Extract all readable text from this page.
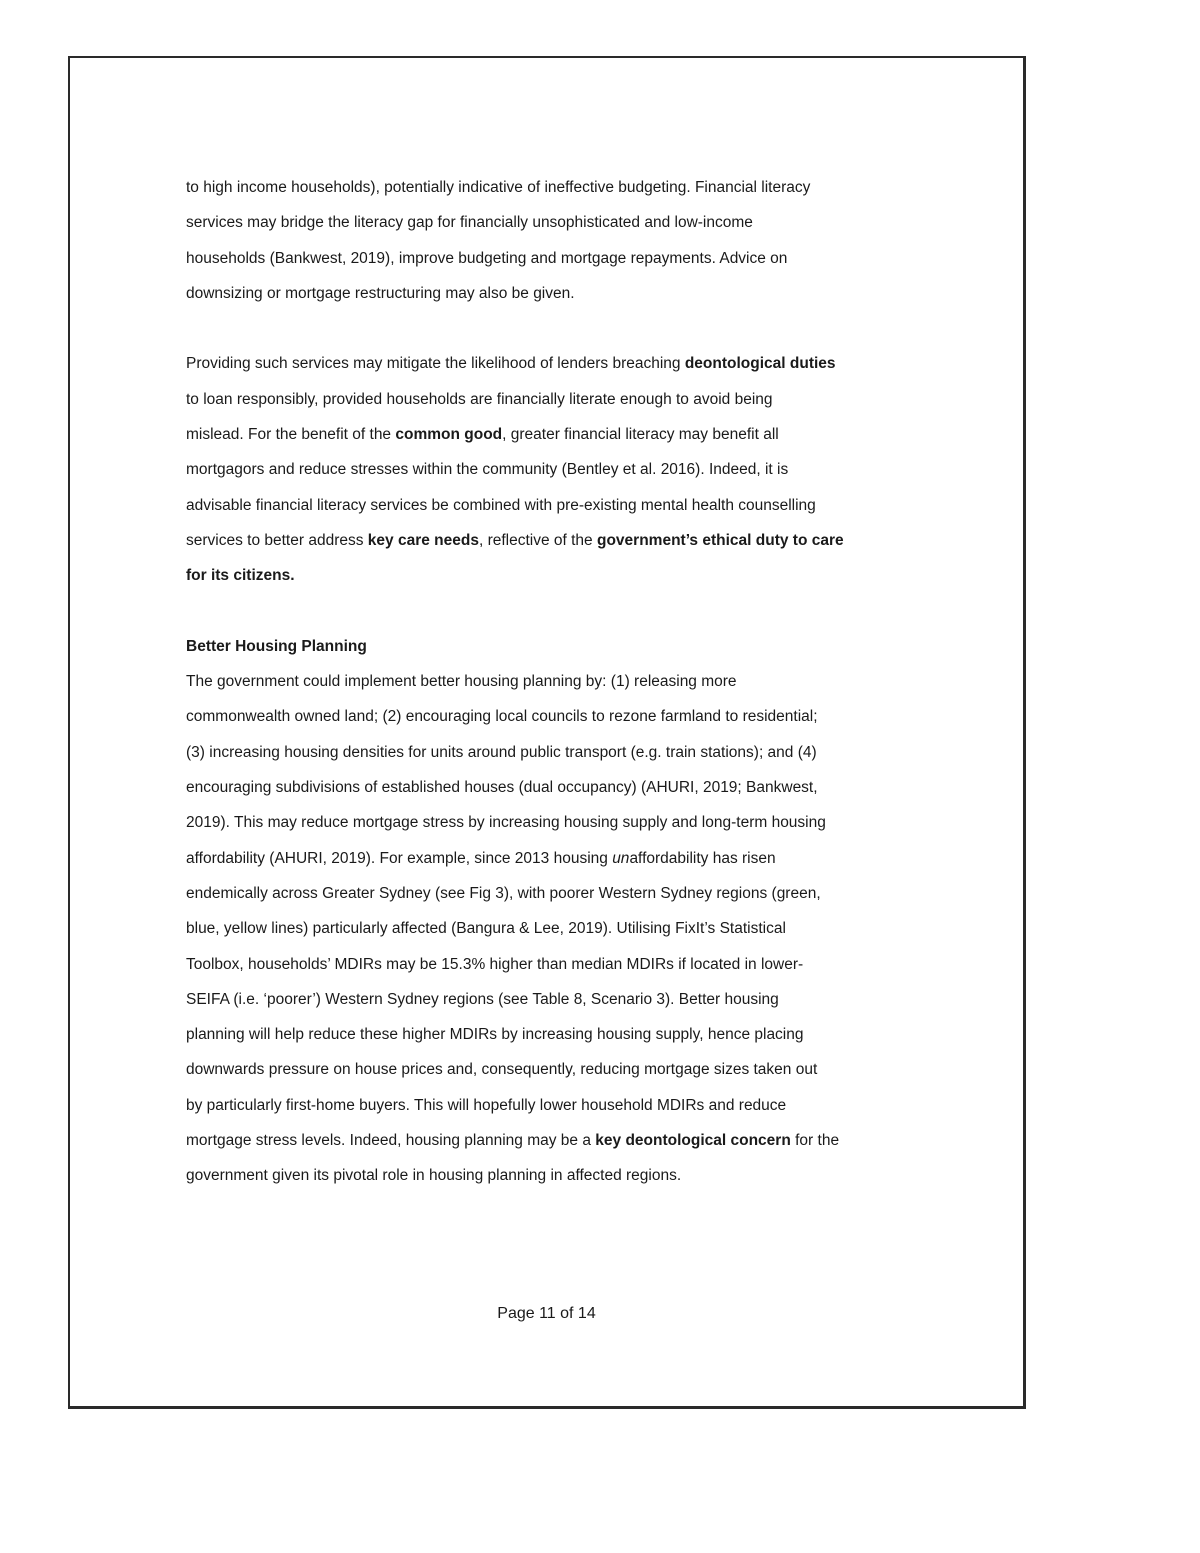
to high income households), potentially indicative of ineffective budgeting. Financial literacy
services may bridge the literacy gap for financially unsophisticated and low-income
households (Bankwest, 2019), improve budgeting and mortgage repayments. Advice on
downsizing or mortgage restructuring may also be given.
Providing such services may mitigate the likelihood of lenders breaching deontological duties
to loan responsibly, provided households are financially literate enough to avoid being
mislead. For the benefit of the common good, greater financial literacy may benefit all
mortgagors and reduce stresses within the community (Bentley et al. 2016). Indeed, it is
advisable financial literacy services be combined with pre-existing mental health counselling
services to better address key care needs, reflective of the government’s ethical duty to care
for its citizens.
Better Housing Planning
The government could implement better housing planning by: (1) releasing more
commonwealth owned land; (2) encouraging local councils to rezone farmland to residential;
(3) increasing housing densities for units around public transport (e.g. train stations); and (4)
encouraging subdivisions of established houses (dual occupancy) (AHURI, 2019; Bankwest,
2019). This may reduce mortgage stress by increasing housing supply and long-term housing
affordability (AHURI, 2019). For example, since 2013 housing unaffordability has risen
endemically across Greater Sydney (see Fig 3), with poorer Western Sydney regions (green,
blue, yellow lines) particularly affected (Bangura & Lee, 2019). Utilising FixIt’s Statistical
Toolbox, households’ MDIRs may be 15.3% higher than median MDIRs if located in lower-
SEIFA (i.e. ‘poorer’) Western Sydney regions (see Table 8, Scenario 3). Better housing
planning will help reduce these higher MDIRs by increasing housing supply, hence placing
downwards pressure on house prices and, consequently, reducing mortgage sizes taken out
by particularly first-home buyers. This will hopefully lower household MDIRs and reduce
mortgage stress levels. Indeed, housing planning may be a key deontological concern for the
government given its pivotal role in housing planning in affected regions.
Page 11 of 14
